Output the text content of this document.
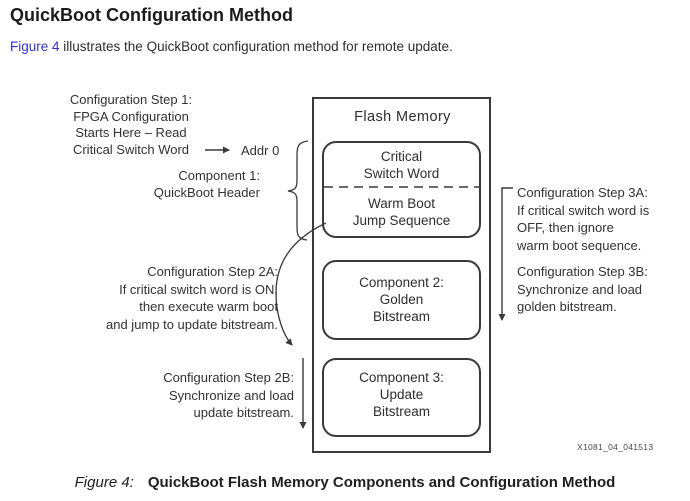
QuickBoot Configuration Method
Figure 4 illustrates the QuickBoot configuration method for remote update.
Flash Memory
Critical
Switch Word
Warm Boot
Jump Sequence
Component 2:
Golden
Bitstream
Component 3:
Update
Bitstream
Configuration Step 1:
FPGA Configuration
Starts Here – Read
Critical Switch Word	Addr 0
Component 1:
QuickBoot Header
Configuration Step 2A:
If critical switch word is ON,
then execute warm boot
and jump to update bitstream.
Configuration Step 2B:
Synchronize and load
update bitstream.
Configuration Step 3A:
If critical switch word is
OFF, then ignore
warm boot sequence.
Configuration Step 3B:
Synchronize and load
golden bitstream.
X1081_04_041513
Figure 4: QuickBoot Flash Memory Components and Configuration Method
